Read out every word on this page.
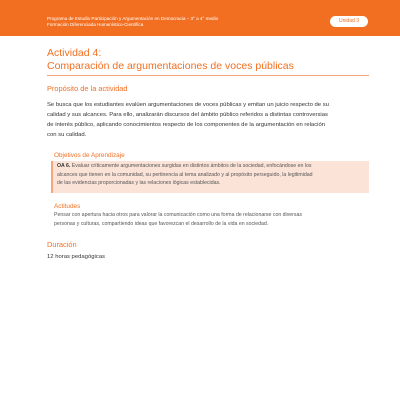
Programa de Estudio Participación y Argumentación en Democracia – 3° a 4° medio
Formación Diferenciada Humanístico-Científica
Unidad 3
Actividad 4:
Comparación de argumentaciones de voces públicas
Propósito de la actividad
Se busca que los estudiantes evalúen argumentaciones de voces públicas y emitan un juicio respecto de su
calidad y sus alcances. Para ello, analizarán discursos del ámbito público referidos a distintas controversias
de interés público, aplicando conocimientos respecto de los componentes de la argumentación en relación
con su calidad.
Objetivos de Aprendizaje
OA 6. Evaluar críticamente argumentaciones surgidas en distintos ámbitos de la sociedad, enfocándose en los
alcances que tienen en la comunidad, su pertinencia al tema analizado y al propósito perseguido, la legitimidad
de las evidencias proporcionadas y las relaciones lógicas establecidas.
Actitudes
Pensar con apertura hacia otros para valorar la comunicación como una forma de relacionarse con diversas
personas y culturas, compartiendo ideas que favorezcan el desarrollo de la vida en sociedad.
Duración
12 horas pedagógicas
